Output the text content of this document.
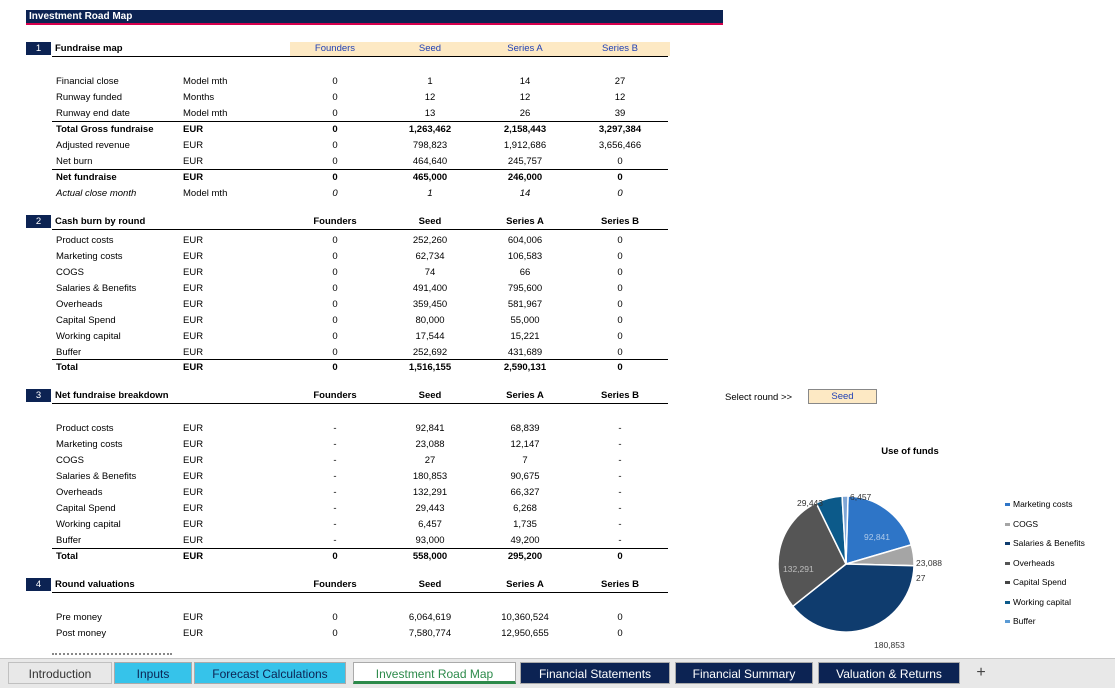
Investment Road Map
1	Fundraise map	Founders	Seed	Series A	Series B
Financial close	Model mth	0	1	14	27
Runway funded	Months	0	12	12	12
Runway end date	Model mth	0	13	26	39
Total Gross fundraise	EUR	0	1,263,462	2,158,443	3,297,384
Adjusted revenue	EUR	0	798,823	1,912,686	3,656,466
Net burn	EUR	0	464,640	245,757	0
Net fundraise	EUR	0	465,000	246,000	0
Actual close month	Model mth	0	1	14	0
2	Cash burn by round	Founders	Seed	Series A	Series B
Product costs	EUR	0	252,260	604,006	0
Marketing costs	EUR	0	62,734	106,583	0
COGS	EUR	0	74	66	0
Salaries & Benefits	EUR	0	491,400	795,600	0
Overheads	EUR	0	359,450	581,967	0
Capital Spend	EUR	0	80,000	55,000	0
Working capital	EUR	0	17,544	15,221	0
Buffer	EUR	0	252,692	431,689	0
Total	EUR	0	1,516,155	2,590,131	0
3	Net fundraise breakdown	Founders	Seed	Series A	Series B
Product costs	EUR	-	92,841	68,839	-
Marketing costs	EUR	-	23,088	12,147	-
COGS	EUR	-	27	7	-
Salaries & Benefits	EUR	-	180,853	90,675	-
Overheads	EUR	-	132,291	66,327	-
Capital Spend	EUR	-	29,443	6,268	-
Working capital	EUR	-	6,457	1,735	-
Buffer	EUR	-	93,000	49,200	-
Total	EUR	0	558,000	295,200	0
4	Round valuations	Founders	Seed	Series A	Series B
Pre money	EUR	0	6,064,619	10,360,524	0
Post money	EUR	0	7,580,774	12,950,655	0
Select round >>	Seed
Use of funds
92,841
23,088
27
180,853
132,291
29,443
6,457
Marketing costs
COGS
Salaries & Benefits
Overheads
Capital Spend
Working capital
Buffer
Introduction	Inputs	Forecast Calculations	Investment Road Map	Financial Statements	Financial Summary	Valuation & Returns	+
